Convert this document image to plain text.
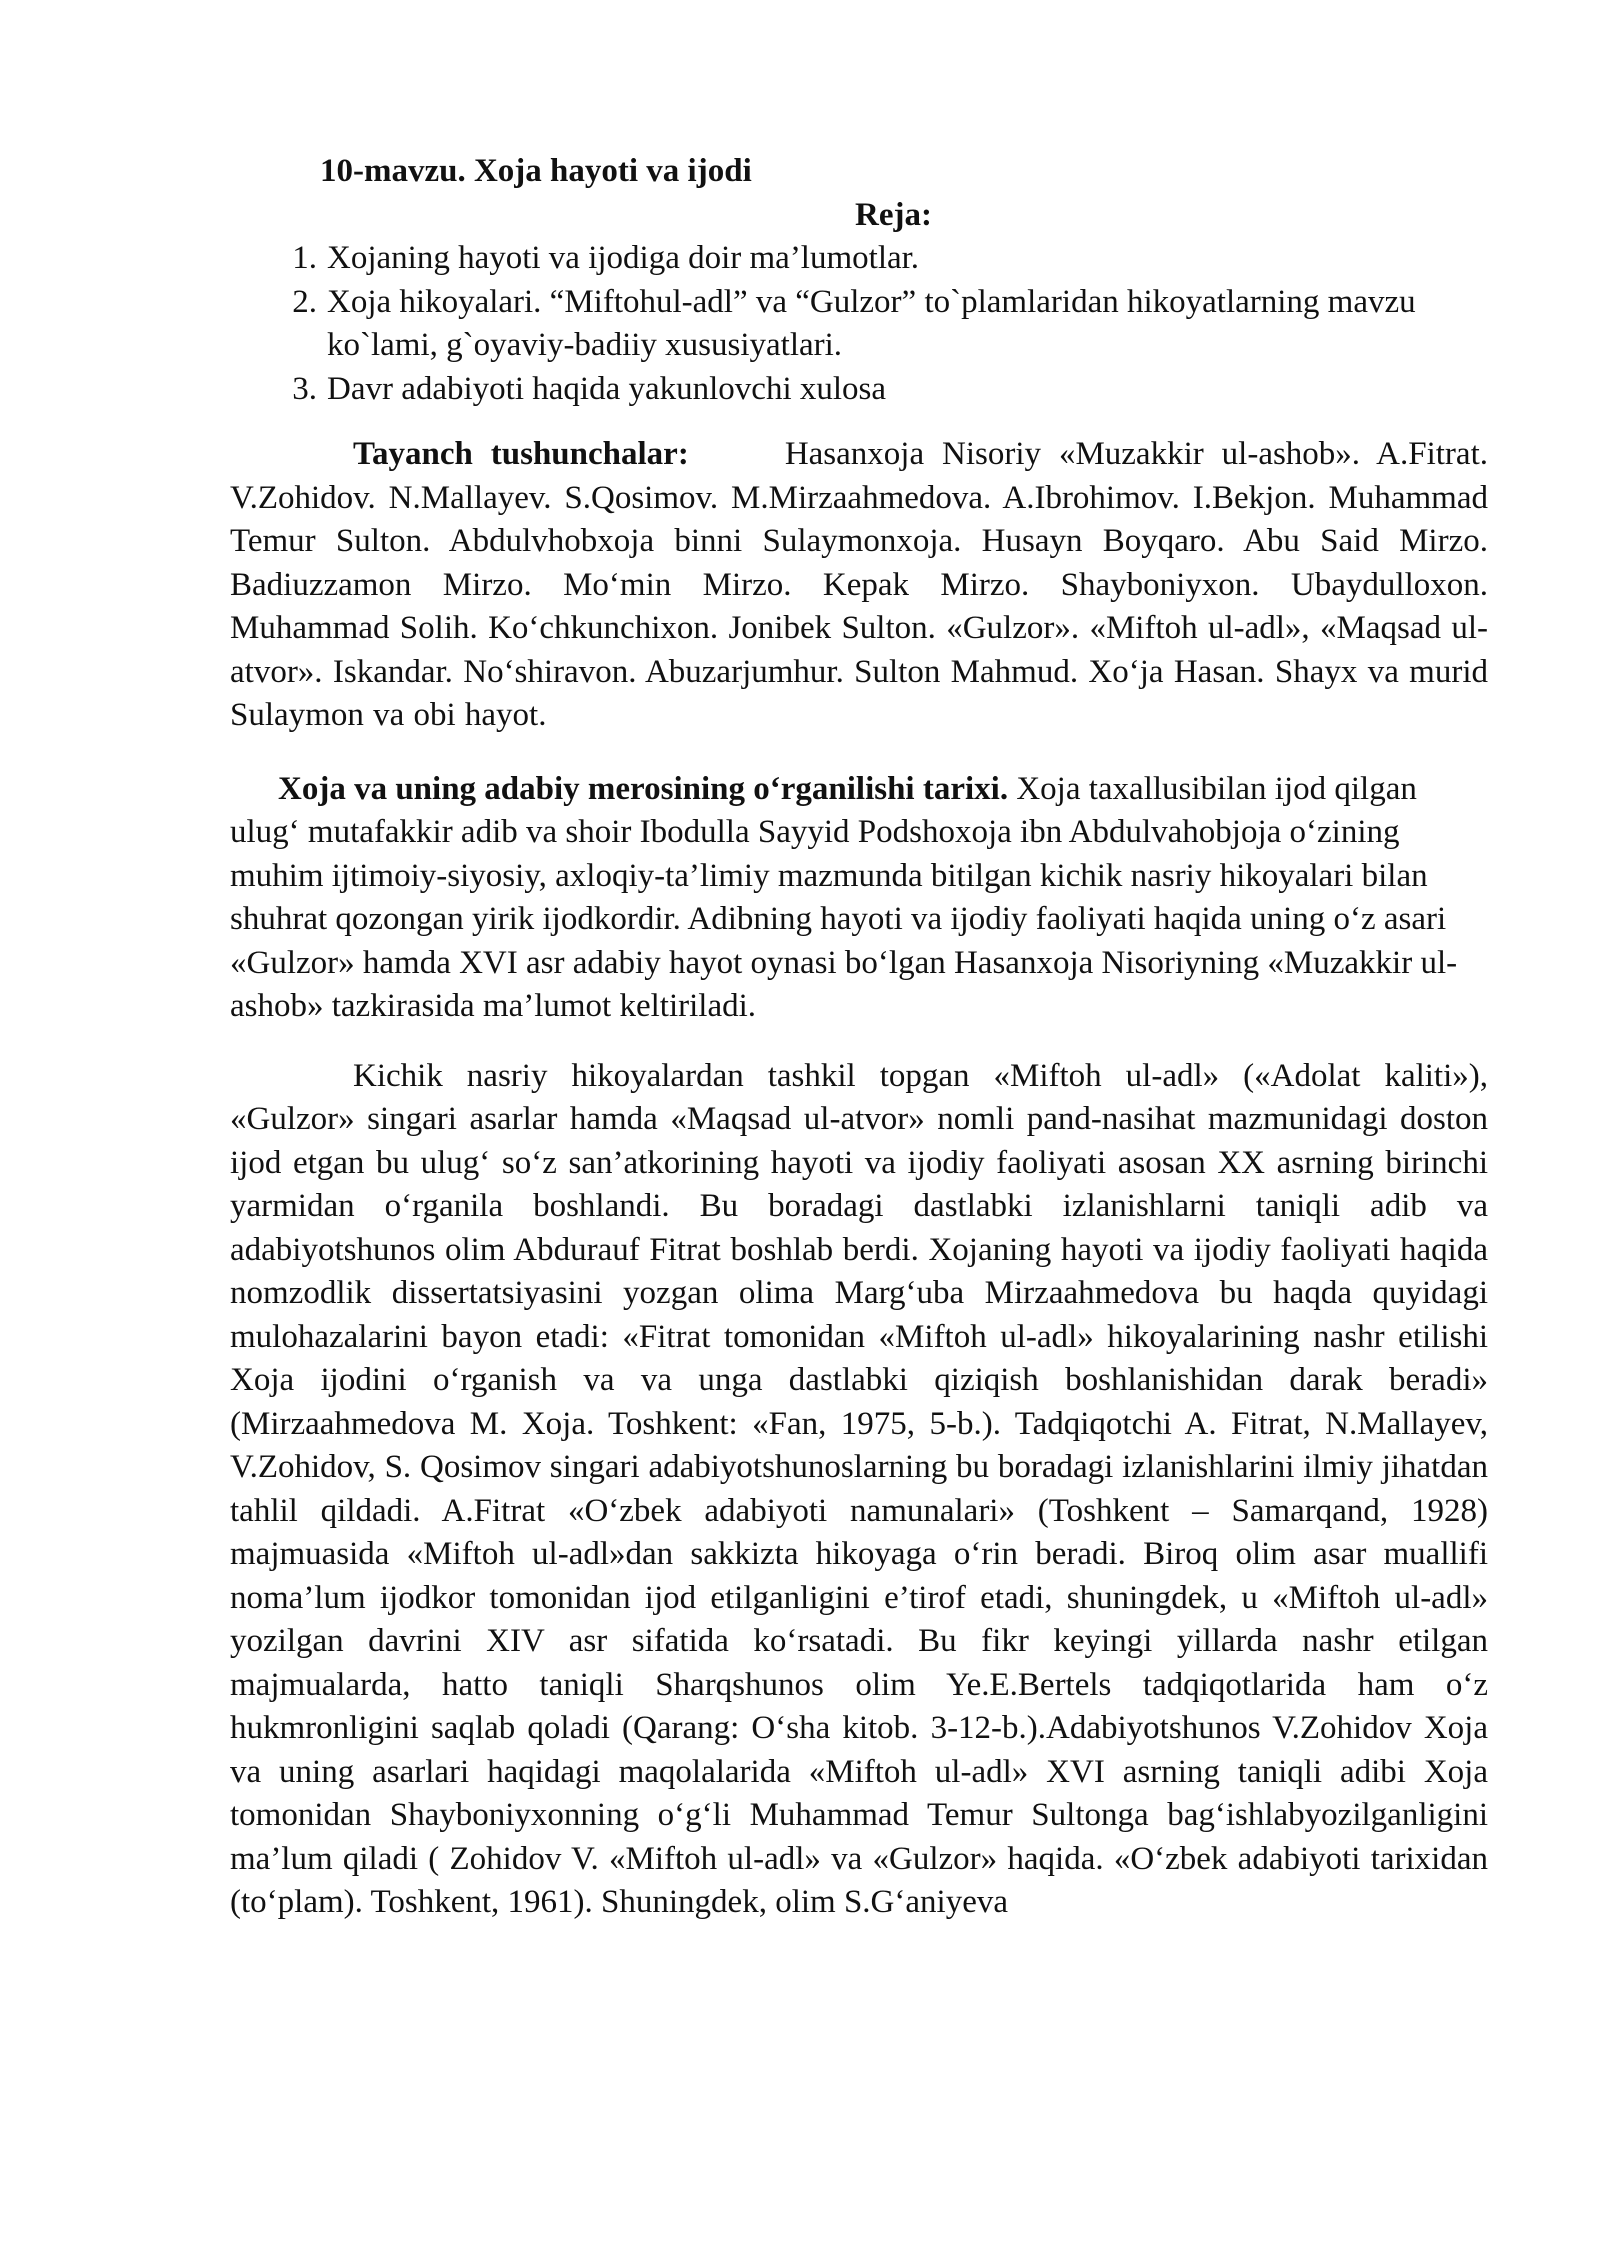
10-mavzu. Xoja hayoti va ijodi

Reja:

1. Xojaning hayoti va ijodiga doir ma’lumotlar.
2. Xoja hikoyalari. “Miftohul-adl” va “Gulzor” to`plamlaridan hikoyatlarning mavzu ko`lami, g`oyaviy-badiiy xususiyatlari.
3. Davr adabiyoti haqida yakunlovchi xulosa

Tayanch tushunchalar:	Hasanxoja Nisoriy «Muzakkir ul-ashob». A.Fitrat. V.Zohidov. N.Mallayev. S.Qosimov. M.Mirzaahmedova. A.Ibrohimov. I.Bekjon. Muhammad Temur Sulton. Abdulvhobxoja binni Sulaymonxoja. Husayn Boyqaro. Abu Said Mirzo. Badiuzzamon Mirzo. Mo‘min Mirzo. Kepak Mirzo. Shayboniyxon. Ubaydulloxon. Muhammad Solih. Ko‘chkunchixon. Jonibek Sulton. «Gulzor». «Miftoh ul-adl», «Maqsad ul-atvor». Iskandar. No‘shiravon. Abuzarjumhur. Sulton Mahmud. Xo‘ja Hasan. Shayx va murid Sulaymon va obi hayot.

Xoja va uning adabiy merosining o‘rganilishi tarixi. Xoja taxallusibilan ijod qilgan ulug‘ mutafakkir adib va shoir Ibodulla Sayyid Podshoxoja ibn Abdulvahobjoja o‘zining muhim ijtimoiy-siyosiy, axloqiy-ta’limiy mazmunda bitilgan kichik nasriy hikoyalari bilan shuhrat qozongan yirik ijodkordir. Adibning hayoti va ijodiy faoliyati haqida uning o‘z asari «Gulzor» hamda XVI asr adabiy hayot oynasi bo‘lgan Hasanxoja Nisoriyning «Muzakkir ul-ashob» tazkirasida ma’lumot keltiriladi.

Kichik nasriy hikoyalardan tashkil topgan «Miftoh ul-adl» («Adolat kaliti»), «Gulzor» singari asarlar hamda «Maqsad ul-atvor» nomli pand-nasihat mazmunidagi doston ijod etgan bu ulug‘ so‘z san’atkorining hayoti va ijodiy faoliyati asosan XX asrning birinchi yarmidan o‘rganila boshlandi. Bu boradagi dastlabki izlanishlarni taniqli adib va adabiyotshunos olim Abdurauf Fitrat boshlab berdi. Xojaning hayoti va ijodiy faoliyati haqida nomzodlik dissertatsiyasini yozgan olima Marg‘uba Mirzaahmedova bu haqda quyidagi mulohazalarini bayon etadi: «Fitrat tomonidan «Miftoh ul-adl» hikoyalarining nashr etilishi Xoja ijodini o‘rganish va va unga dastlabki qiziqish boshlanishidan darak beradi» (Mirzaahmedova M. Xoja. Toshkent: «Fan, 1975, 5-b.). Tadqiqotchi A. Fitrat, N.Mallayev, V.Zohidov, S. Qosimov singari adabiyotshunoslarning bu boradagi izlanishlarini ilmiy jihatdan tahlil qildadi. A.Fitrat «O‘zbek adabiyoti namunalari» (Toshkent – Samarqand, 1928) majmuasida «Miftoh ul-adl»dan sakkizta hikoyaga o‘rin beradi. Biroq olim asar muallifi noma’lum ijodkor tomonidan ijod etilganligini e’tirof etadi, shuningdek, u «Miftoh ul-adl» yozilgan davrini XIV asr sifatida ko‘rsatadi. Bu fikr keyingi yillarda nashr etilgan majmualarda, hatto taniqli Sharqshunos olim Ye.E.Bertels tadqiqotlarida ham o‘z hukmronligini saqlab qoladi (Qarang: O‘sha kitob. 3-12-b.).Adabiyotshunos V.Zohidov Xoja va uning asarlari haqidagi maqolalarida «Miftoh ul-adl» XVI asrning taniqli adibi Xoja tomonidan Shayboniyxonning o‘g‘li Muhammad Temur Sultonga bag‘ishlabyozilganligini ma’lum qiladi ( Zohidov V. «Miftoh ul-adl» va «Gulzor» haqida. «O‘zbek adabiyoti tarixidan (to‘plam). Toshkent, 1961). Shuningdek, olim S.G‘aniyeva
